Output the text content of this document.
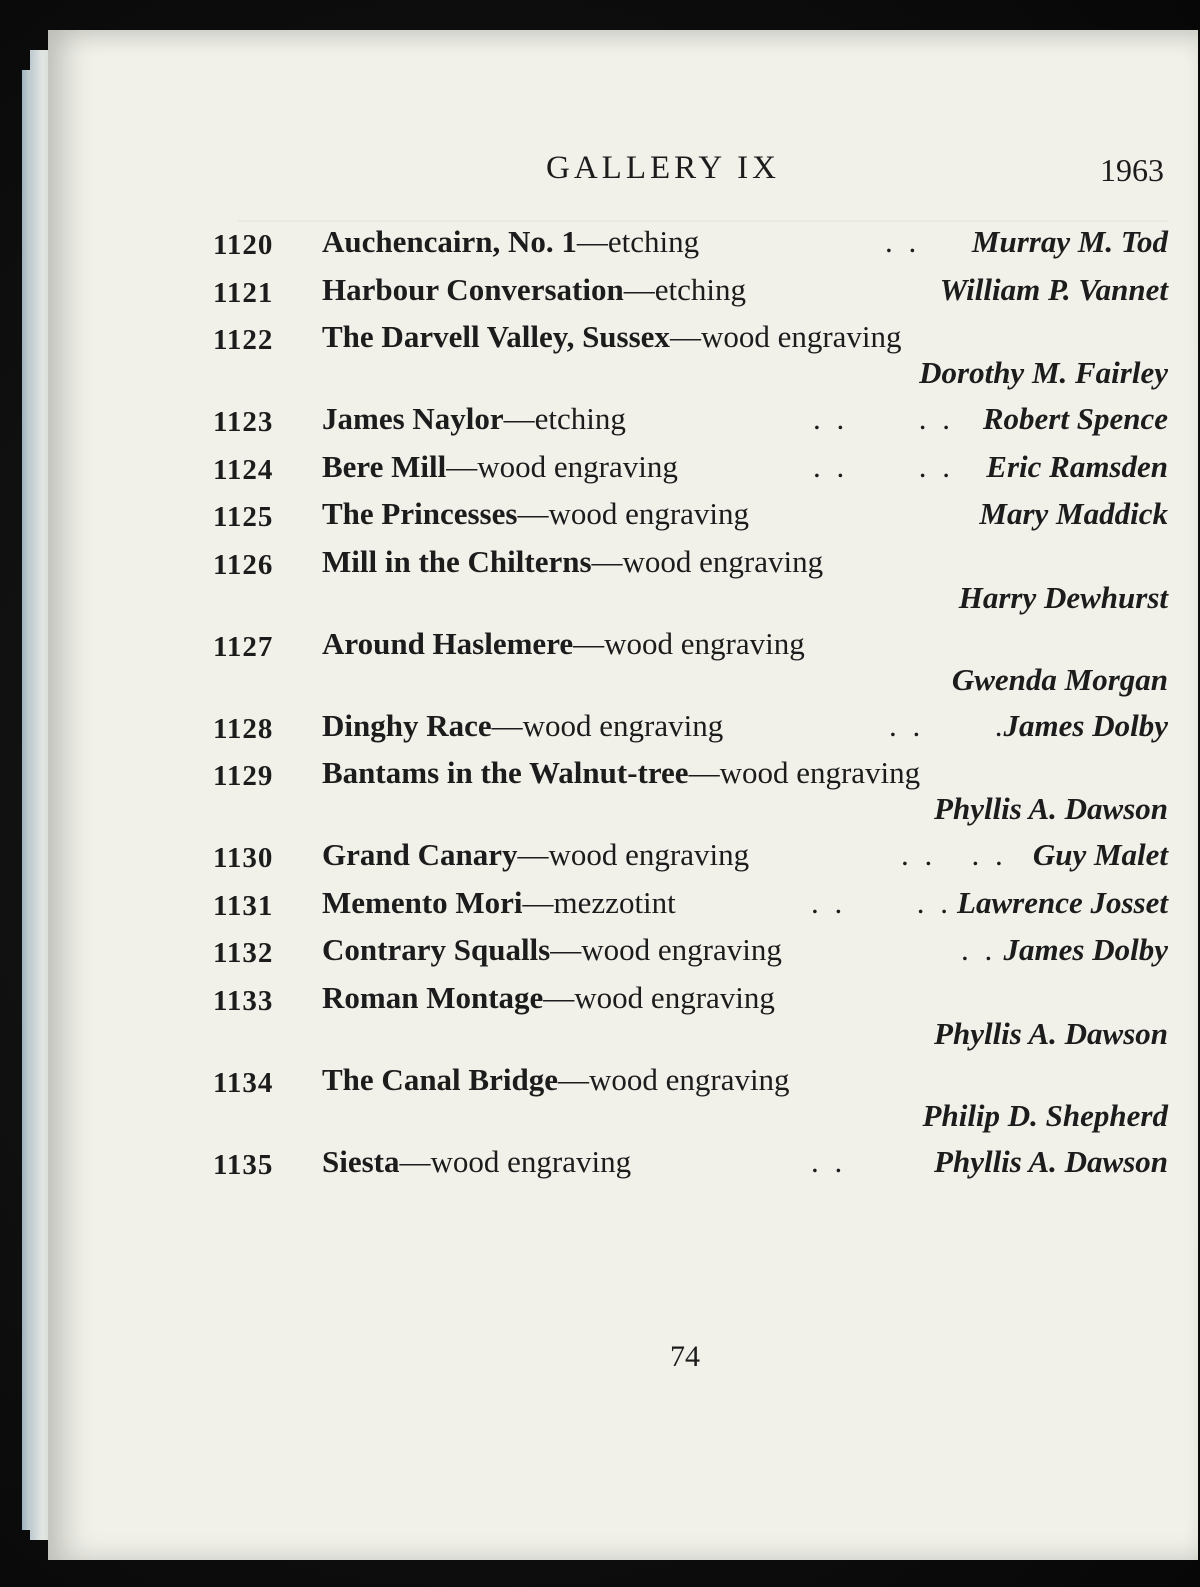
GALLERY IX	1963
1120	Auchencairn, No. 1—etching	. . Murray M. Tod
1121	Harbour Conversation—etching	William P. Vannet
1122	The Darvell Valley, Sussex—wood engraving
Dorothy M. Fairley
1123	James Naylor—etching	. .      . . Robert Spence
1124	Bere Mill—wood engraving	. .      . . Eric Ramsden
1125	The Princesses—wood engraving	Mary Maddick
1126	Mill in the Chilterns—wood engraving
Harry Dewhurst
1127	Around Haslemere—wood engraving
Gwenda Morgan
1128	Dinghy Race—wood engraving	. .      . .
James Dolby
1129	Bantams in the Walnut-tree—wood engraving
Phyllis A. Dawson
1130	Grand Canary—wood engraving	. .   . . Guy Malet
1131	Memento Mori—mezzotint	. .      . . Lawrence Josset
1132	Contrary Squalls—wood engraving	. . James Dolby
1133	Roman Montage—wood engraving
Phyllis A. Dawson
1134	The Canal Bridge—wood engraving
Philip D. Shepherd
1135	Siesta—wood engraving	. .	Phyllis A. Dawson
74
